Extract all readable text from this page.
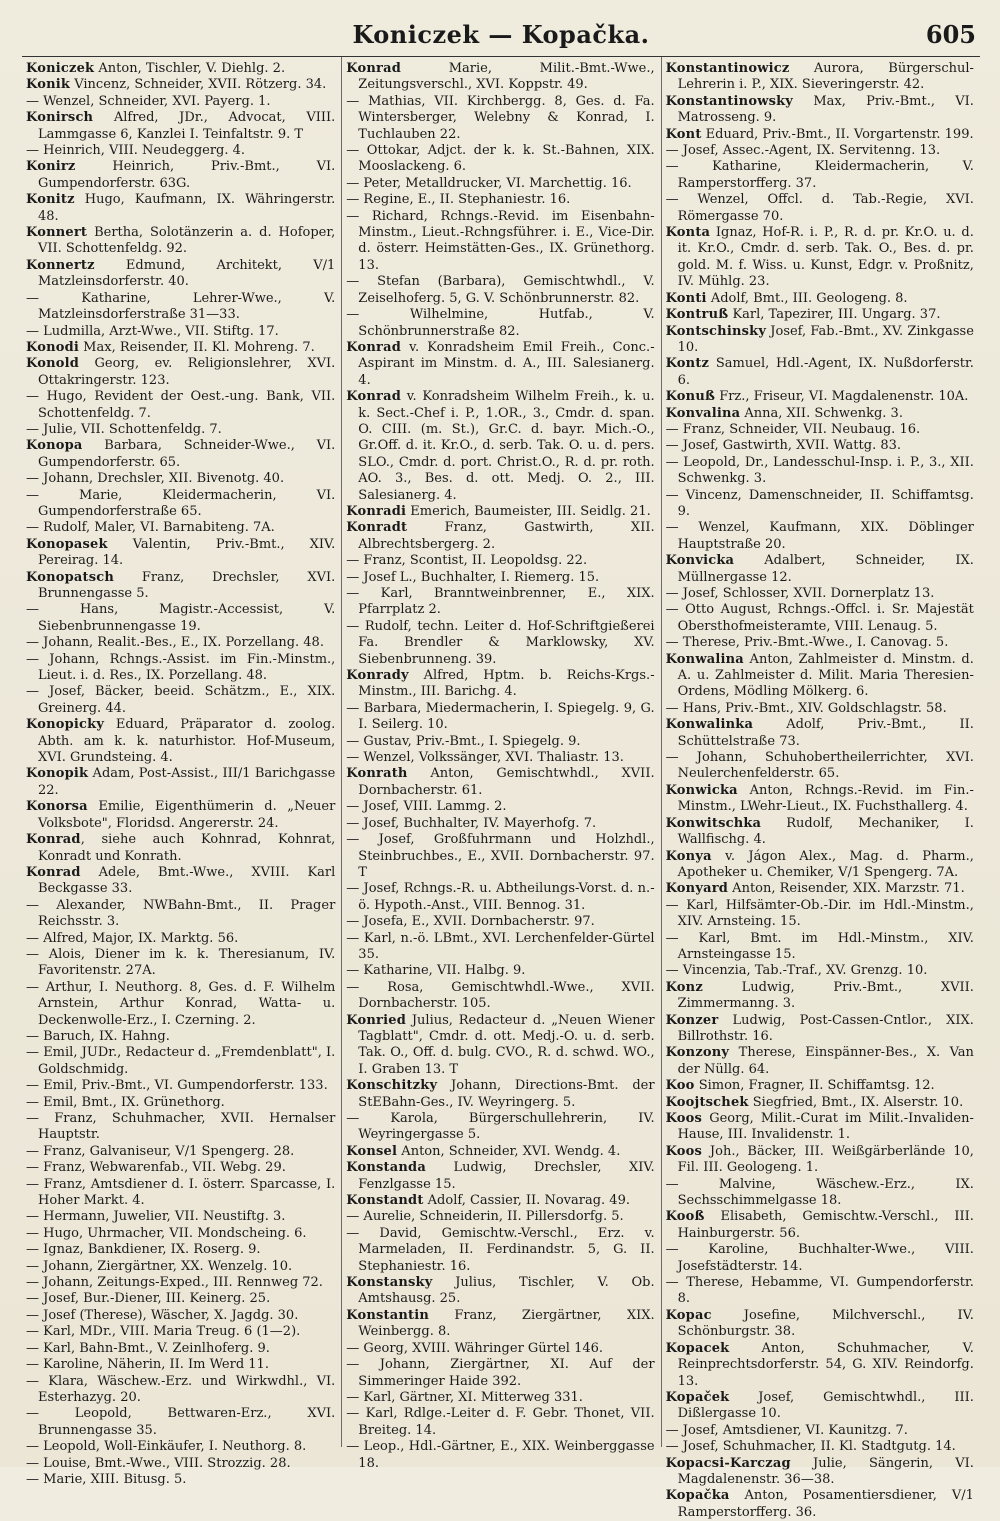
Koniczek — Kopačka.	605

Koniczek Anton, Tischler, V. Diehlg. 2.

Konik Vincenz, Schneider, XVII. Rötzerg. 34.

— Wenzel, Schneider, XVI. Payerg. 1.

Konirsch Alfred, JDr., Advocat, VIII. Lammgasse 6, Kanzlei I. Teinfaltstr. 9. T

— Heinrich, VIII. Neudeggerg. 4.

Konirz Heinrich, Priv.-Bmt., VI. Gumpendorferstr. 63G.

Konitz Hugo, Kaufmann, IX. Währingerstr. 48.

Konnert Bertha, Solotänzerin a. d. Hofoper, VII. Schottenfeldg. 92.

Konnertz Edmund, Architekt, V/1 Matzleinsdorferstr. 40.

— Katharine, Lehrer-Wwe., V. Matzleinsdorferstraße 31—33.

— Ludmilla, Arzt-Wwe., VII. Stiftg. 17.

Konodi Max, Reisender, II. Kl. Mohreng. 7.

Konold Georg, ev. Religionslehrer, XVI. Ottakringerstr. 123.

— Hugo, Revident der Oest.-ung. Bank, VII. Schottenfeldg. 7.

— Julie, VII. Schottenfeldg. 7.

Konopa Barbara, Schneider-Wwe., VI. Gumpendorferstr. 65.

— Johann, Drechsler, XII. Bivenotg. 40.

— Marie, Kleidermacherin, VI. Gumpendorferstraße 65.

— Rudolf, Maler, VI. Barnabiteng. 7A.

Konopasek Valentin, Priv.-Bmt., XIV. Pereirag. 14.

Konopatsch Franz, Drechsler, XVI. Brunnengasse 5.

— Hans, Magistr.-Accessist, V. Siebenbrunnengasse 19.

— Johann, Realit.-Bes., E., IX. Porzellang. 48.

— Johann, Rchngs.-Assist. im Fin.-Minstm., Lieut. i. d. Res., IX. Porzellang. 48.

— Josef, Bäcker, beeid. Schätzm., E., XIX. Greinerg. 44.

Konopicky Eduard, Präparator d. zoolog. Abth. am k. k. naturhistor. Hof-Museum, XVI. Grundsteing. 4.

Konopik Adam, Post-Assist., III/1 Barichgasse 22.

Konorsa Emilie, Eigenthümerin d. „Neuer Volksbote", Floridsd. Angererstr. 24.

Konrad, siehe auch Kohnrad, Kohnrat, Konradt und Konrath.

Konrad Adele, Bmt.-Wwe., XVIII. Karl Beckgasse 33.

— Alexander, NWBahn-Bmt., II. Prager Reichsstr. 3.

— Alfred, Major, IX. Marktg. 56.

— Alois, Diener im k. k. Theresianum, IV. Favoritenstr. 27A.

— Arthur, I. Neuthorg. 8, Ges. d. F. Wilhelm Arnstein, Arthur Konrad, Watta- u. Deckenwolle-Erz., I. Czerning. 2.

— Baruch, IX. Hahng.

— Emil, JUDr., Redacteur d. „Fremdenblatt", I. Goldschmidg.

— Emil, Priv.-Bmt., VI. Gumpendorferstr. 133.

— Emil, Bmt., IX. Grünethorg.

— Franz, Schuhmacher, XVII. Hernalser Hauptstr.

— Franz, Galvaniseur, V/1 Spengerg. 28.

— Franz, Webwarenfab., VII. Webg. 29.

— Franz, Amtsdiener d. I. österr. Sparcasse, I. Hoher Markt. 4.

— Hermann, Juwelier, VII. Neustiftg. 3.

— Hugo, Uhrmacher, VII. Mondscheing. 6.

— Ignaz, Bankdiener, IX. Roserg. 9.

— Johann, Ziergärtner, XX. Wenzelg. 10.

— Johann, Zeitungs-Exped., III. Rennweg 72.

— Josef, Bur.-Diener, III. Keinerg. 25.

— Josef (Therese), Wäscher, X. Jagdg. 30.

— Karl, MDr., VIII. Maria Treug. 6 (1—2).

— Karl, Bahn-Bmt., V. Zeinlhoferg. 9.

— Karoline, Näherin, II. Im Werd 11.

— Klara, Wäschew.-Erz. und Wirkwdhl., VI. Esterhazyg. 20.

— Leopold, Bettwaren-Erz., XVI. Brunnengasse 35.

— Leopold, Woll-Einkäufer, I. Neuthorg. 8.

— Louise, Bmt.-Wwe., VIII. Strozzig. 28.

— Marie, XIII. Bitusg. 5.

Konrad Marie, Milit.-Bmt.-Wwe., Zeitungsverschl., XVI. Koppstr. 49.

— Mathias, VII. Kirchbergg. 8, Ges. d. Fa. Wintersberger, Welebny & Konrad, I. Tuchlauben 22.

— Ottokar, Adjct. der k. k. St.-Bahnen, XIX. Mooslackeng. 6.

— Peter, Metalldrucker, VI. Marchettig. 16.

— Regine, E., II. Stephaniestr. 16.

— Richard, Rchngs.-Revid. im Eisenbahn-Minstm., Lieut.-Rchngsführer. i. E., Vice-Dir. d. österr. Heimstätten-Ges., IX. Grünethorg. 13.

— Stefan (Barbara), Gemischtwhdl., V. Zeiselhoferg. 5, G. V. Schönbrunnerstr. 82.

— Wilhelmine, Hutfab., V. Schönbrunnerstraße 82.

Konrad v. Konradsheim Emil Freih., Conc.-Aspirant im Minstm. d. A., III. Salesianerg. 4.

Konrad v. Konradsheim Wilhelm Freih., k. u. k. Sect.-Chef i. P., 1.OR., 3., Cmdr. d. span. O. CIII. (m. St.), Gr.C. d. bayr. Mich.-O., Gr.Off. d. it. Kr.O., d. serb. Tak. O. u. d. pers. SLO., Cmdr. d. port. Christ.O., R. d. pr. roth. AO. 3., Bes. d. ott. Medj. O. 2., III. Salesianerg. 4.

Konradi Emerich, Baumeister, III. Seidlg. 21.

Konradt Franz, Gastwirth, XII. Albrechtsbergerg. 2.

— Franz, Scontist, II. Leopoldsg. 22.

— Josef L., Buchhalter, I. Riemerg. 15.

— Karl, Branntweinbrenner, E., XIX. Pfarrplatz 2.

— Rudolf, techn. Leiter d. Hof-Schriftgießerei Fa. Brendler & Marklowsky, XV. Siebenbrunneng. 39.

Konrady Alfred, Hptm. b. Reichs-Krgs.-Minstm., III. Barichg. 4.

— Barbara, Miedermacherin, I. Spiegelg. 9, G. I. Seilerg. 10.

— Gustav, Priv.-Bmt., I. Spiegelg. 9.

— Wenzel, Volkssänger, XVI. Thaliastr. 13.

Konrath Anton, Gemischtwhdl., XVII. Dornbacherstr. 61.

— Josef, VIII. Lammg. 2.

— Josef, Buchhalter, IV. Mayerhofg. 7.

— Josef, Großfuhrmann und Holzhdl., Steinbruchbes., E., XVII. Dornbacherstr. 97. T

— Josef, Rchngs.-R. u. Abtheilungs-Vorst. d. n.-ö. Hypoth.-Anst., VIII. Bennog. 31.

— Josefa, E., XVII. Dornbacherstr. 97.

— Karl, n.-ö. LBmt., XVI. Lerchenfelder-Gürtel 35.

— Katharine, VII. Halbg. 9.

— Rosa, Gemischtwhdl.-Wwe., XVII. Dornbacherstr. 105.

Konried Julius, Redacteur d. „Neuen Wiener Tagblatt", Cmdr. d. ott. Medj.-O. u. d. serb. Tak. O., Off. d. bulg. CVO., R. d. schwd. WO., I. Graben 13. T

Konschitzky Johann, Directions-Bmt. der StEBahn-Ges., IV. Weyringerg. 5.

— Karola, Bürgerschullehrerin, IV. Weyringergasse 5.

Konsel Anton, Schneider, XVI. Wendg. 4.

Konstanda Ludwig, Drechsler, XIV. Fenzlgasse 15.

Konstandt Adolf, Cassier, II. Novarag. 49.

— Aurelie, Schneiderin, II. Pillersdorfg. 5.

— David, Gemischtw.-Verschl., Erz. v. Marmeladen, II. Ferdinandstr. 5, G. II. Stephaniestr. 16.

Konstansky Julius, Tischler, V. Ob. Amtshausg. 25.

Konstantin Franz, Ziergärtner, XIX. Weinbergg. 8.

— Georg, XVIII. Währinger Gürtel 146.

— Johann, Ziergärtner, XI. Auf der Simmeringer Haide 392.

— Karl, Gärtner, XI. Mitterweg 331.

— Karl, Rdlge.-Leiter d. F. Gebr. Thonet, VII. Breiteg. 14.

— Leop., Hdl.-Gärtner, E., XIX. Weinberggasse 18.

Konstantinowicz Aurora, Bürgerschul-Lehrerin i. P., XIX. Sieveringerstr. 42.

Konstantinowsky Max, Priv.-Bmt., VI. Matrosseng. 9.

Kont Eduard, Priv.-Bmt., II. Vorgartenstr. 199.

— Josef, Assec.-Agent, IX. Servitenng. 13.

— Katharine, Kleidermacherin, V. Ramperstorfferg. 37.

— Wenzel, Offcl. d. Tab.-Regie, XVI. Römergasse 70.

Konta Ignaz, Hof-R. i. P., R. d. pr. Kr.O. u. d. it. Kr.O., Cmdr. d. serb. Tak. O., Bes. d. pr. gold. M. f. Wiss. u. Kunst, Edgr. v. Proßnitz, IV. Mühlg. 23.

Konti Adolf, Bmt., III. Geologeng. 8.

Kontruß Karl, Tapezirer, III. Ungarg. 37.

Kontschinsky Josef, Fab.-Bmt., XV. Zinkgasse 10.

Kontz Samuel, Hdl.-Agent, IX. Nußdorferstr. 6.

Konuß Frz., Friseur, VI. Magdalenenstr. 10A.

Konvalina Anna, XII. Schwenkg. 3.

— Franz, Schneider, VII. Neubaug. 16.

— Josef, Gastwirth, XVII. Wattg. 83.

— Leopold, Dr., Landesschul-Insp. i. P., 3., XII. Schwenkg. 3.

— Vincenz, Damenschneider, II. Schiffamtsg. 9.

— Wenzel, Kaufmann, XIX. Döblinger Hauptstraße 20.

Konvicka Adalbert, Schneider, IX. Müllnergasse 12.

— Josef, Schlosser, XVII. Dornerplatz 13.

— Otto August, Rchngs.-Offcl. i. Sr. Majestät Obersthofmeisteramte, VIII. Lenaug. 5.

— Therese, Priv.-Bmt.-Wwe., I. Canovag. 5.

Konwalina Anton, Zahlmeister d. Minstm. d. A. u. Zahlmeister d. Milit. Maria Theresien-Ordens, Mödling Mölkerg. 6.

— Hans, Priv.-Bmt., XIV. Goldschlagstr. 58.

Konwalinka Adolf, Priv.-Bmt., II. Schüttelstraße 73.

— Johann, Schuhobertheilerrichter, XVI. Neulerchenfelderstr. 65.

Konwicka Anton, Rchngs.-Revid. im Fin.-Minstm., LWehr-Lieut., IX. Fuchsthallerg. 4.

Konwitschka Rudolf, Mechaniker, I. Wallfischg. 4.

Konya v. Jágon Alex., Mag. d. Pharm., Apotheker u. Chemiker, V/1 Spengerg. 7A.

Konyard Anton, Reisender, XIX. Marzstr. 71.

— Karl, Hilfsämter-Ob.-Dir. im Hdl.-Minstm., XIV. Arnsteing. 15.

— Karl, Bmt. im Hdl.-Minstm., XIV. Arnsteingasse 15.

— Vincenzia, Tab.-Traf., XV. Grenzg. 10.

Konz Ludwig, Priv.-Bmt., XVII. Zimmermanng. 3.

Konzer Ludwig, Post-Cassen-Cntlor., XIX. Billrothstr. 16.

Konzony Therese, Einspänner-Bes., X. Van der Nüllg. 64.

Koo Simon, Fragner, II. Schiffamtsg. 12.

Koojtschek Siegfried, Bmt., IX. Alserstr. 10.

Koos Georg, Milit.-Curat im Milit.-Invaliden-Hause, III. Invalidenstr. 1.

Koos Joh., Bäcker, III. Weißgärberlände 10, Fil. III. Geologeng. 1.

— Malvine, Wäschew.-Erz., IX. Sechsschimmelgasse 18.

Kooß Elisabeth, Gemischtw.-Verschl., III. Hainburgerstr. 56.

— Karoline, Buchhalter-Wwe., VIII. Josefstädterstr. 14.

— Therese, Hebamme, VI. Gumpendorferstr. 8.

Kopac Josefine, Milchverschl., IV. Schönburgstr. 38.

Kopacek Anton, Schuhmacher, V. Reinprechtsdorferstr. 54, G. XIV. Reindorfg. 13.

Kopaček Josef, Gemischtwhdl., III. Dißlergasse 10.

— Josef, Amtsdiener, VI. Kaunitzg. 7.

— Josef, Schuhmacher, II. Kl. Stadtgutg. 14.

Kopacsi-Karczag Julie, Sängerin, VI. Magdalenenstr. 36—38.

Kopačka Anton, Posamentiersdiener, V/1 Ramperstorfferg. 36.
